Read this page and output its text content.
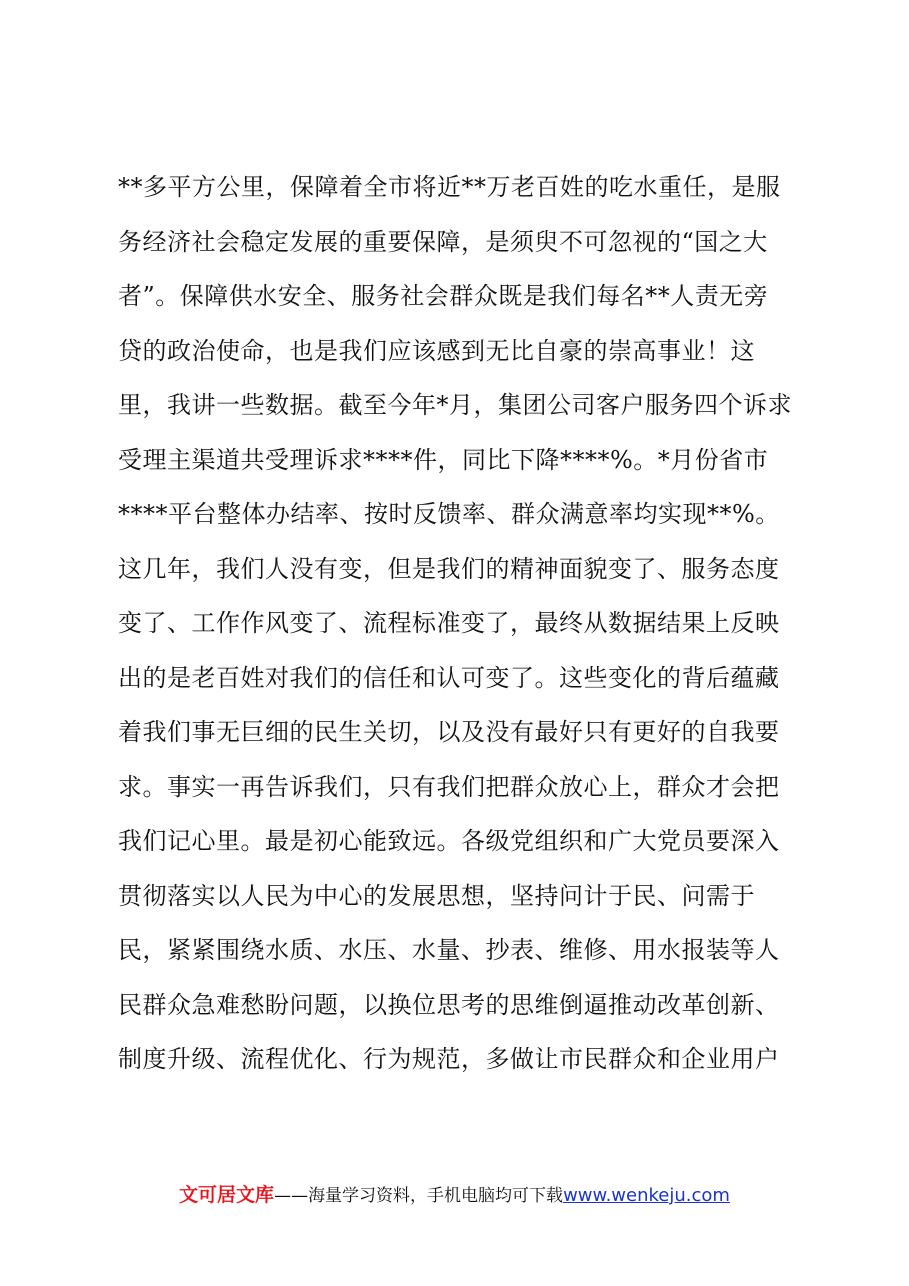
**多平方公里，保障着全市将近**万老百姓的吃水重任，是服
务经济社会稳定发展的重要保障，是须臾不可忽视的“国之大
者”。保障供水安全、服务社会群众既是我们每名**人责无旁
贷的政治使命，也是我们应该感到无比自豪的崇高事业！这
里，我讲一些数据。截至今年*月，集团公司客户服务四个诉求
受理主渠道共受理诉求****件，同比下降****%。*月份省市
****平台整体办结率、按时反馈率、群众满意率均实现**%。
这几年，我们人没有变，但是我们的精神面貌变了、服务态度
变了、工作作风变了、流程标准变了，最终从数据结果上反映
出的是老百姓对我们的信任和认可变了。这些变化的背后蕴藏
着我们事无巨细的民生关切，以及没有最好只有更好的自我要
求。事实一再告诉我们，只有我们把群众放心上，群众才会把
我们记心里。最是初心能致远。各级党组织和广大党员要深入
贯彻落实以人民为中心的发展思想，坚持问计于民、问需于
民，紧紧围绕水质、水压、水量、抄表、维修、用水报装等人
民群众急难愁盼问题，以换位思考的思维倒逼推动改革创新、
制度升级、流程优化、行为规范，多做让市民群众和企业用户
文可居文库——海量学习资料，手机电脑均可下载www.wenkeju.com
